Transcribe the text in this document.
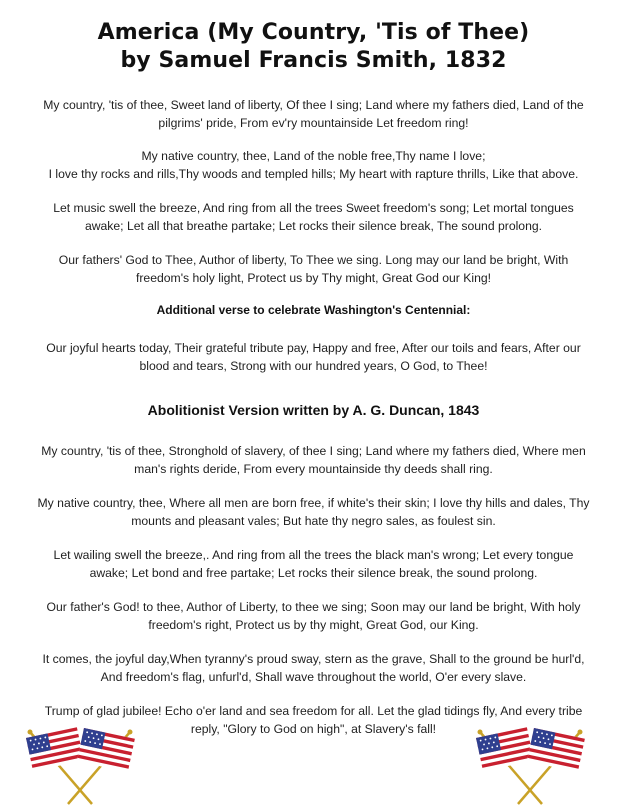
America (My Country, 'Tis of Thee)
by Samuel Francis Smith, 1832
My country, 'tis of thee, Sweet land of liberty, Of thee I sing; Land where my fathers died, Land of the pilgrims' pride, From ev'ry mountainside Let freedom ring!
My native country, thee, Land of the noble free,Thy name I love;
I love thy rocks and rills,Thy woods and templed hills; My heart with rapture thrills, Like that above.
Let music swell the breeze, And ring from all the trees Sweet freedom's song; Let mortal tongues awake; Let all that breathe partake; Let rocks their silence break, The sound prolong.
Our fathers' God to Thee, Author of liberty, To Thee we sing. Long may our land be bright, With freedom's holy light, Protect us by Thy might, Great God our King!
Additional verse to celebrate Washington's Centennial:
Our joyful hearts today, Their grateful tribute pay, Happy and free, After our toils and fears, After our blood and tears, Strong with our hundred years, O God, to Thee!
Abolitionist Version written by A. G. Duncan, 1843
My country, 'tis of thee, Stronghold of slavery, of thee I sing; Land where my fathers died, Where men man's rights deride, From every mountainside thy deeds shall ring.
My native country, thee, Where all men are born free, if white's their skin; I love thy hills and dales, Thy mounts and pleasant vales; But hate thy negro sales, as foulest sin.
Let wailing swell the breeze,. And ring from all the trees the black man's wrong; Let every tongue awake; Let bond and free partake; Let rocks their silence break, the sound prolong.
Our father's God! to thee, Author of Liberty, to thee we sing; Soon may our land be bright, With holy freedom's right, Protect us by thy might, Great God, our King.
It comes, the joyful day,When tyranny's proud sway, stern as the grave, Shall to the ground be hurl'd, And freedom's flag, unfurl'd, Shall wave throughout the world, O'er every slave.
Trump of glad jubilee! Echo o'er land and sea freedom for all. Let the glad tidings fly, And every tribe reply, "Glory to God on high", at Slavery's fall!
